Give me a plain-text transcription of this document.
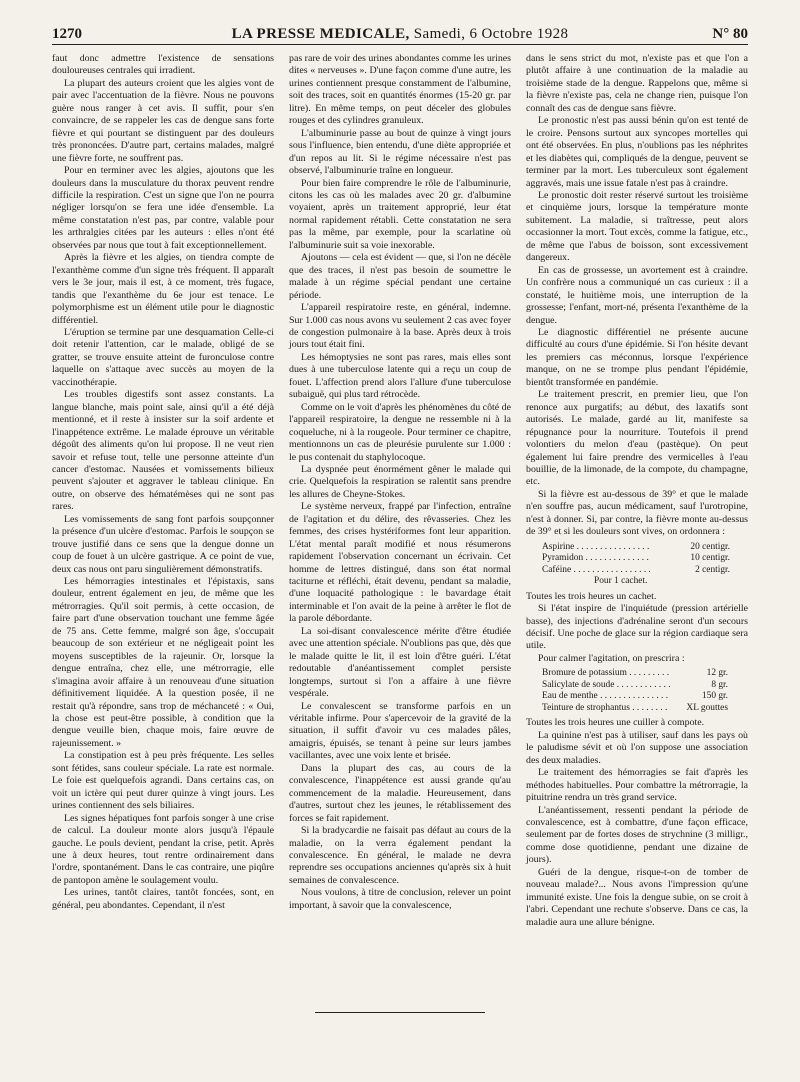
1270	LA PRESSE MEDICALE, Samedi, 6 Octobre 1928	N° 80

faut donc admettre l'existence de sensations douloureuses centrales qui irradient.

La plupart des auteurs croient que les algies vont de pair avec l'accentuation de la fièvre. Nous ne pouvons guère nous ranger à cet avis. Il suffit, pour s'en convaincre, de se rappeler les cas de dengue sans forte fièvre et qui pourtant se distinguent par des douleurs très prononcées. D'autre part, certains malades, malgré une fièvre forte, ne souffrent pas.

Pour en terminer avec les algies, ajoutons que les douleurs dans la musculature du thorax peuvent rendre difficile la respiration. C'est un signe que l'on ne pourra négliger lorsqu'on se fera une idée d'ensemble. La même constatation n'est pas, par contre, valable pour les arthralgies citées par les auteurs : elles n'ont été observées par nous que tout à fait exceptionnellement.

Après la fièvre et les algies, on tiendra compte de l'exanthème comme d'un signe très fréquent. Il apparaît vers le 3e jour, mais il est, à ce moment, très fugace, tandis que l'exanthème du 6e jour est tenace. Le polymorphisme est un élément utile pour le diagnostic différentiel.

L'éruption se termine par une desquamation Celle-ci doit retenir l'attention, car le malade, obligé de se gratter, se trouve ensuite atteint de furonculose contre laquelle on s'attaque avec succès au moyen de la vaccinothérapie.

Les troubles digestifs sont assez constants. La langue blanche, mais point sale, ainsi qu'il a été déjà mentionné, et il reste à insister sur la soif ardente et l'inappétence extrême. Le malade éprouve un véritable dégoût des aliments qu'on lui propose. Il ne veut rien savoir et refuse tout, telle une personne atteinte d'un cancer d'estomac. Nausées et vomissements bilieux peuvent s'ajouter et aggraver le tableau clinique. En outre, on observe des hématémèses qui ne sont pas rares.

Les vomissements de sang font parfois soupçonner la présence d'un ulcère d'estomac. Parfois le soupçon se trouve justifié dans ce sens que la dengue donne un coup de fouet à un ulcère gastrique. A ce point de vue, deux cas nous ont paru singulièrement démonstratifs.

Les hémorragies intestinales et l'épistaxis, sans douleur, entrent également en jeu, de même que les métrorragies. Qu'il soit permis, à cette occasion, de faire part d'une observation touchant une femme âgée de 75 ans. Cette femme, malgré son âge, s'occupait beaucoup de son extérieur et ne négligeait point les moyens susceptibles de la rajeunir. Or, lorsque la dengue entraîna, chez elle, une métrorragie, elle s'imagina avoir affaire à un renouveau d'une situation définitivement liquidée. A la question posée, il ne restait qu'à répondre, sans trop de méchanceté : « Oui, la chose est peut-être possible, à condition que la dengue veuille bien, chaque mois, faire œuvre de rajeunissement. »

La constipation est à peu près fréquente. Les selles sont fétides, sans couleur spéciale. La rate est normale. Le foie est quelquefois agrandi. Dans certains cas, on voit un ictère qui peut durer quinze à vingt jours. Les urines contiennent des sels biliaires.

Les signes hépatiques font parfois songer à une crise de calcul. La douleur monte alors jusqu'à l'épaule gauche. Le pouls devient, pendant la crise, petit. Après une à deux heures, tout rentre ordinairement dans l'ordre, spontanément. Dans le cas contraire, une piqûre de pantopon amène le soulagement voulu.

Les urines, tantôt claires, tantôt foncées, sont, en général, peu abondantes. Cependant, il n'est

pas rare de voir des urines abondantes comme les urines dites « nerveuses ». D'une façon comme d'une autre, les urines contiennent presque constamment de l'albumine, soit des traces, soit en quantités énormes (15-20 gr. par litre). En même temps, on peut déceler des globules rouges et des cylindres granuleux.

L'albuminurie passe au bout de quinze à vingt jours sous l'influence, bien entendu, d'une diète appropriée et d'un repos au lit. Si le régime nécessaire n'est pas observé, l'albuminurie traîne en longueur.

Pour bien faire comprendre le rôle de l'albuminurie, citons les cas où les malades avec 20 gr. d'albumine voyaient, après un traitement approprié, leur état normal rapidement rétabli. Cette constatation ne sera pas la même, par exemple, pour la scarlatine où l'albuminurie suit sa voie inexorable.

Ajoutons — cela est évident — que, si l'on ne décèle que des traces, il n'est pas besoin de soumettre le malade à un régime spécial pendant une certaine période.

L'appareil respiratoire reste, en général, indemne. Sur 1.000 cas nous avons vu seulement 2 cas avec foyer de congestion pulmonaire à la base. Après deux à trois jours tout était fini.

Les hémoptysies ne sont pas rares, mais elles sont dues à une tuberculose latente qui a reçu un coup de fouet. L'affection prend alors l'allure d'une tuberculose subaiguë, qui plus tard rétrocède.

Comme on le voit d'après les phénomènes du côté de l'appareil respiratoire, la dengue ne ressemble ni à la coqueluche, ni à la rougeole. Pour terminer ce chapitre, mentionnons un cas de pleurésie purulente sur 1.000 : le pus contenait du staphylocoque.

La dyspnée peut énormément gêner le malade qui crie. Quelquefois la respiration se ralentit sans prendre les allures de Cheyne-Stokes.

Le système nerveux, frappé par l'infection, entraîne de l'agitation et du délire, des rêvasseries. Chez les femmes, des crises hystériformes font leur apparition. L'état mental paraît modifié et nous résumerons rapidement l'observation concernant un écrivain. Cet homme de lettres distingué, dans son état normal taciturne et réfléchi, était devenu, pendant sa maladie, d'une loquacité pathologique : le bavardage était interminable et l'on avait de la peine à arrêter le flot de la parole débordante.

La soi-disant convalescence mérite d'être étudiée avec une attention spéciale. N'oublions pas que, dès que le malade quitte le lit, il est loin d'être guéri. L'état redoutable d'anéantissement complet persiste longtemps, surtout si l'on a affaire à une fièvre vespérale.

Le convalescent se transforme parfois en un véritable infirme. Pour s'apercevoir de la gravité de la situation, il suffit d'avoir vu ces malades pâles, amaigris, épuisés, se tenant à peine sur leurs jambes vacillantes, avec une voix lente et brisée.

Dans la plupart des cas, au cours de la convalescence, l'inappétence est aussi grande qu'au commencement de la maladie. Heureusement, dans d'autres, surtout chez les jeunes, le rétablissement des forces se fait rapidement.

Si la bradycardie ne faisait pas défaut au cours de la maladie, on la verra également pendant la convalescence. En général, le malade ne devra reprendre ses occupations anciennes qu'après six à huit semaines de convalescence.

Nous voulons, à titre de conclusion, relever un point important, à savoir que la convalescence,

dans le sens strict du mot, n'existe pas et que l'on a plutôt affaire à une continuation de la maladie au troisième stade de la dengue. Rappelons que, même si la fièvre n'existe pas, cela ne change rien, puisque l'on connaît des cas de dengue sans fièvre.

Le pronostic n'est pas aussi bénin qu'on est tenté de le croire. Pensons surtout aux syncopes mortelles qui ont été observées. En plus, n'oublions pas les néphrites et les diabètes qui, compliqués de la dengue, peuvent se terminer par la mort. Les tuberculeux sont également aggravés, mais une issue fatale n'est pas à craindre.

Le pronostic doit rester réservé surtout les troisième et cinquième jours, lorsque la température monte subitement. La maladie, si traîtresse, peut alors occasionner la mort. Tout excès, comme la fatigue, etc., de même que l'abus de boisson, sont excessivement dangereux.

En cas de grossesse, un avortement est à craindre. Un confrère nous a communiqué un cas curieux : il a constaté, le huitième mois, une interruption de la grossesse; l'enfant, mort-né, présenta l'exanthème de la dengue.

Le diagnostic différentiel ne présente aucune difficulté au cours d'une épidémie. Si l'on hésite devant les premiers cas méconnus, lorsque l'expérience manque, on ne se trompe plus pendant l'épidémie, bientôt transformée en pandémie.

Le traitement prescrit, en premier lieu, que l'on renonce aux purgatifs; au début, des laxatifs sont autorisés. Le malade, gardé au lit, manifeste sa répugnance pour la nourriture. Toutefois il prend volontiers du melon d'eau (pastèque). On peut également lui faire prendre des vermicelles à l'eau bouillie, de la limonade, de la compote, du champagne, etc.

Si la fièvre est au-dessous de 39° et que le malade n'en souffre pas, aucun médicament, sauf l'urotropine, n'est à donner. Si, par contre, la fièvre monte au-dessus de 39° et si les douleurs sont vives, on ordonnera :

Aspirine . . .	20 centigr.
Pyramidon . . .	10 centigr.
Caféine . . .	2 centigr.
Pour 1 cachet.

Toutes les trois heures un cachet.

Si l'état inspire de l'inquiétude (pression artérielle basse), des injections d'adrénaline seront d'un secours décisif. Une poche de glace sur la région cardiaque sera utile.

Pour calmer l'agitation, on prescrira :

Bromure de potassium . . .	12 gr.
Salicylate de soude . . .	8 gr.
Eau de menthe . . .	150 gr.
Teinture de strophantus . . .	XL gouttes

Toutes les trois heures une cuiller à compote.

La quinine n'est pas à utiliser, sauf dans les pays où le paludisme sévit et où l'on suppose une association des deux maladies.

Le traitement des hémorragies se fait d'après les méthodes habituelles. Pour combattre la métrorragie, la pituitrine rendra un très grand service.

L'anéantissement, ressenti pendant la période de convalescence, est à combattre, d'une façon efficace, seulement par de fortes doses de strychnine (3 milligr., comme dose quotidienne, pendant une dizaine de jours).

Guéri de la dengue, risque-t-on de tomber de nouveau malade?... Nous avons l'impression qu'une immunité existe. Une fois la dengue subie, on se croit à l'abri. Cependant une rechute s'observe. Dans ce cas, la maladie aura une allure bénigne.
